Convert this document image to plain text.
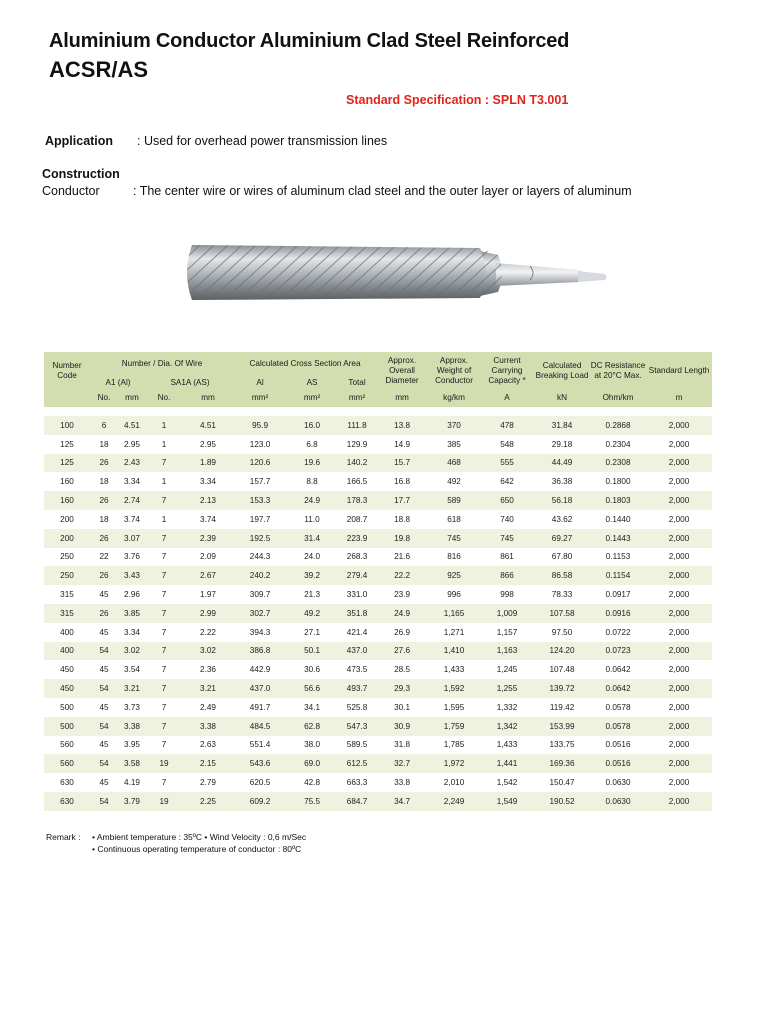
Aluminium Conductor Aluminium Clad Steel Reinforced
ACSR/AS
Standard Specification : SPLN T3.001
Application : Used for overhead power transmission lines
Construction
Conductor	: The center wire or wires of aluminum clad steel and the outer layer or layers of aluminum
Number Code	Number / Dia. Of Wire				Calculated Cross Section Area			Approx. Overall Diameter	Approx. Weight of Conductor	Current Carrying Capacity *	Calculated Breaking Load	DC Resistance at 20°C Max.	Standard Length
	A1 (Al)		SA1A (AS)		Al	AS	Total						
	No.	mm	No.	mm	mm²	mm²	mm²	mm	kg/km	A	kN	Ohm/km	m

100	6	4.51	1	4.51	95.9	16.0	111.8	13.8	370	478	31.84	0.2868	2,000
125	18	2.95	1	2.95	123.0	6.8	129.9	14.9	385	548	29.18	0.2304	2,000
125	26	2.43	7	1.89	120.6	19.6	140.2	15.7	468	555	44.49	0.2308	2,000
160	18	3.34	1	3.34	157.7	8.8	166.5	16.8	492	642	36.38	0.1800	2,000
160	26	2.74	7	2.13	153.3	24.9	178.3	17.7	589	650	56.18	0.1803	2,000
200	18	3.74	1	3.74	197.7	11.0	208.7	18.8	618	740	43.62	0.1440	2,000
200	26	3.07	7	2.39	192.5	31.4	223.9	19.8	745	745	69.27	0.1443	2,000
250	22	3.76	7	2.09	244.3	24.0	268.3	21.6	816	861	67.80	0.1153	2,000
250	26	3.43	7	2.67	240.2	39.2	279.4	22.2	925	866	86.58	0.1154	2,000
315	45	2.96	7	1.97	309.7	21.3	331.0	23.9	996	998	78.33	0.0917	2,000
315	26	3.85	7	2.99	302.7	49.2	351.8	24.9	1,165	1,009	107.58	0.0916	2,000
400	45	3.34	7	2.22	394.3	27.1	421.4	26.9	1,271	1,157	97.50	0.0722	2,000
400	54	3.02	7	3.02	386.8	50.1	437.0	27.6	1,410	1,163	124.20	0.0723	2,000
450	45	3.54	7	2.36	442.9	30.6	473.5	28.5	1,433	1,245	107.48	0.0642	2,000
450	54	3.21	7	3.21	437.0	56.6	493.7	29.3	1,592	1,255	139.72	0.0642	2,000
500	45	3.73	7	2.49	491.7	34.1	525.8	30.1	1,595	1,332	119.42	0.0578	2,000
500	54	3.38	7	3.38	484.5	62.8	547.3	30.9	1,759	1,342	153.99	0.0578	2,000
560	45	3.95	7	2.63	551.4	38.0	589.5	31.8	1,785	1,433	133.75	0.0516	2,000
560	54	3.58	19	2.15	543.6	69.0	612.5	32.7	1,972	1,441	169.36	0.0516	2,000
630	45	4.19	7	2.79	620.5	42.8	663.3	33.8	2,010	1,542	150.47	0.0630	2,000
630	54	3.79	19	2.25	609.2	75.5	684.7	34.7	2,249	1,549	190.52	0.0630	2,000
Remark : • Ambient temperature : 35ºC • Wind Velocity : 0,6 m/Sec
• Continuous operating temperature of conductor : 80ºC
